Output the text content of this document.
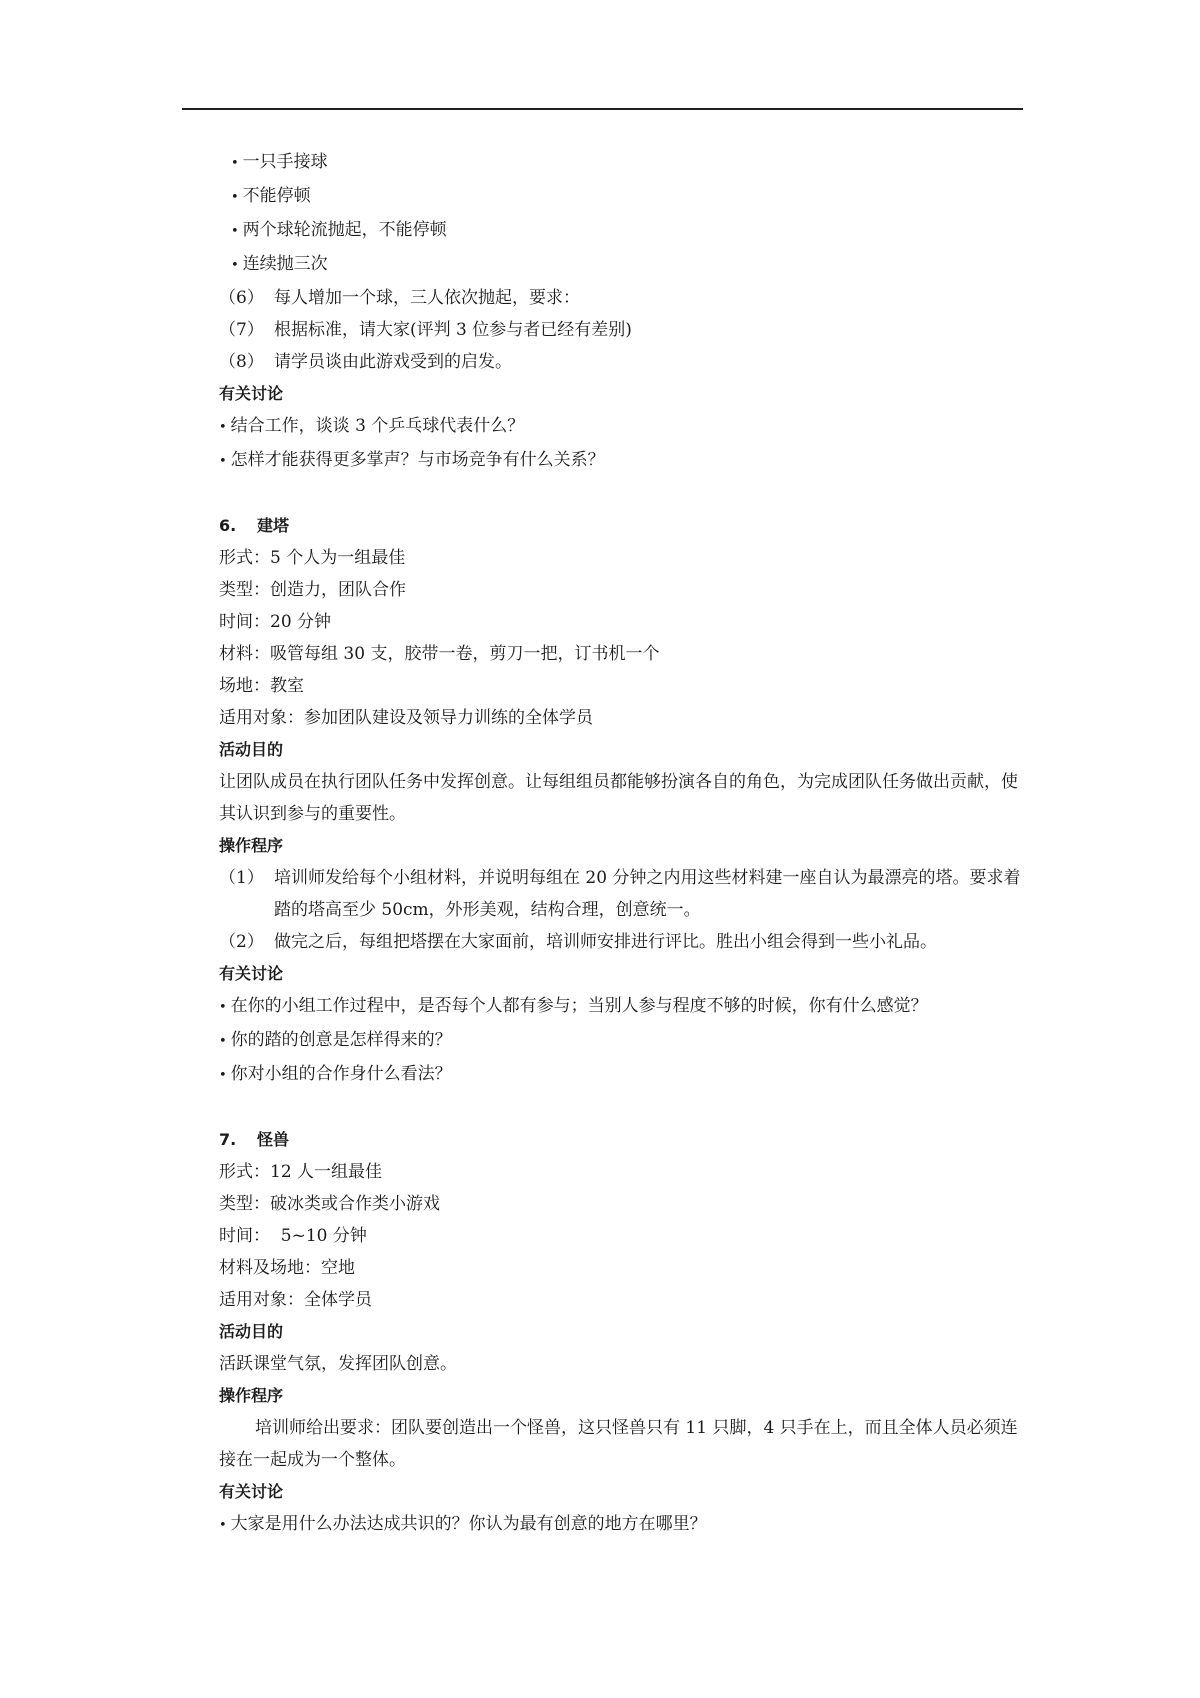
• 一只手接球
• 不能停顿
• 两个球轮流抛起，不能停顿
• 连续抛三次
（6） 每人增加一个球，三人依次抛起，要求：
（7） 根据标准，请大家(评判 3 位参与者已经有差别)
（8） 请学员谈由此游戏受到的启发。
有关讨论
• 结合工作，谈谈 3 个乒乓球代表什么？
• 怎样才能获得更多掌声？与市场竞争有什么关系？
6. 建塔
形式：5 个人为一组最佳
类型：创造力，团队合作
时间：20 分钟
材料：吸管每组 30 支，胶带一卷，剪刀一把，订书机一个
场地：教室
适用对象：参加团队建设及领导力训练的全体学员
活动目的
让团队成员在执行团队任务中发挥创意。让每组组员都能够扮演各自的角色，为完成团队任务做出贡献，使其认识到参与的重要性。
操作程序
（1） 培训师发给每个小组材料，并说明每组在 20 分钟之内用这些材料建一座自认为最漂亮的塔。要求着踏的塔高至少 50cm，外形美观，结构合理，创意统一。
（2） 做完之后，每组把塔摆在大家面前，培训师安排进行评比。胜出小组会得到一些小礼品。
有关讨论
• 在你的小组工作过程中，是否每个人都有参与；当别人参与程度不够的时候，你有什么感觉？
• 你的踏的创意是怎样得来的？
• 你对小组的合作身什么看法？
7. 怪兽
形式：12 人一组最佳
类型：破冰类或合作类小游戏
时间：  5~10 分钟
材料及场地：空地
适用对象：全体学员
活动目的
活跃课堂气氛，发挥团队创意。
操作程序
培训师给出要求：团队要创造出一个怪兽，这只怪兽只有 11 只脚，4 只手在上，而且全体人员必须连接在一起成为一个整体。
有关讨论
• 大家是用什么办法达成共识的？你认为最有创意的地方在哪里？
